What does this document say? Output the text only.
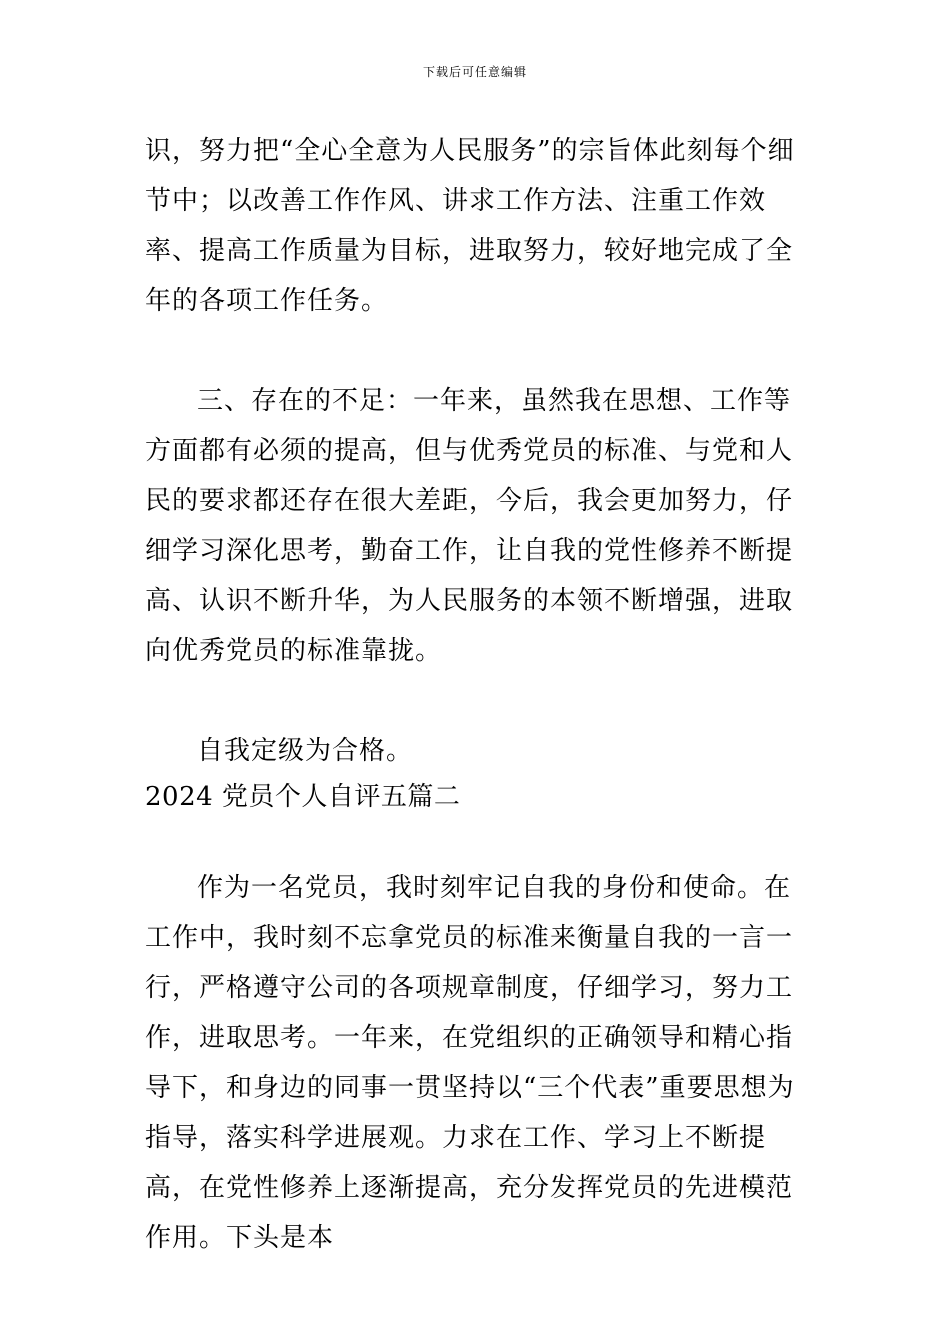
下载后可任意编辑

识，努力把“全心全意为人民服务”的宗旨体此刻每个细节中；以改善工作作风、讲求工作方法、注重工作效率、提高工作质量为目标，进取努力，较好地完成了全年的各项工作任务。

三、存在的不足：一年来，虽然我在思想、工作等方面都有必须的提高，但与优秀党员的标准、与党和人民的要求都还存在很大差距，今后，我会更加努力，仔细学习深化思考，勤奋工作，让自我的党性修养不断提高、认识不断升华，为人民服务的本领不断增强，进取向优秀党员的标准靠拢。

自我定级为合格。

2024 党员个人自评五篇二

作为一名党员，我时刻牢记自我的身份和使命。在工作中，我时刻不忘拿党员的标准来衡量自我的一言一行，严格遵守公司的各项规章制度，仔细学习，努力工作，进取思考。一年来，在党组织的正确领导和精心指导下，和身边的同事一贯坚持以“三个代表”重要思想为指导，落实科学进展观。力求在工作、学习上不断提高，在党性修养上逐渐提高，充分发挥党员的先进模范作用。下头是本
